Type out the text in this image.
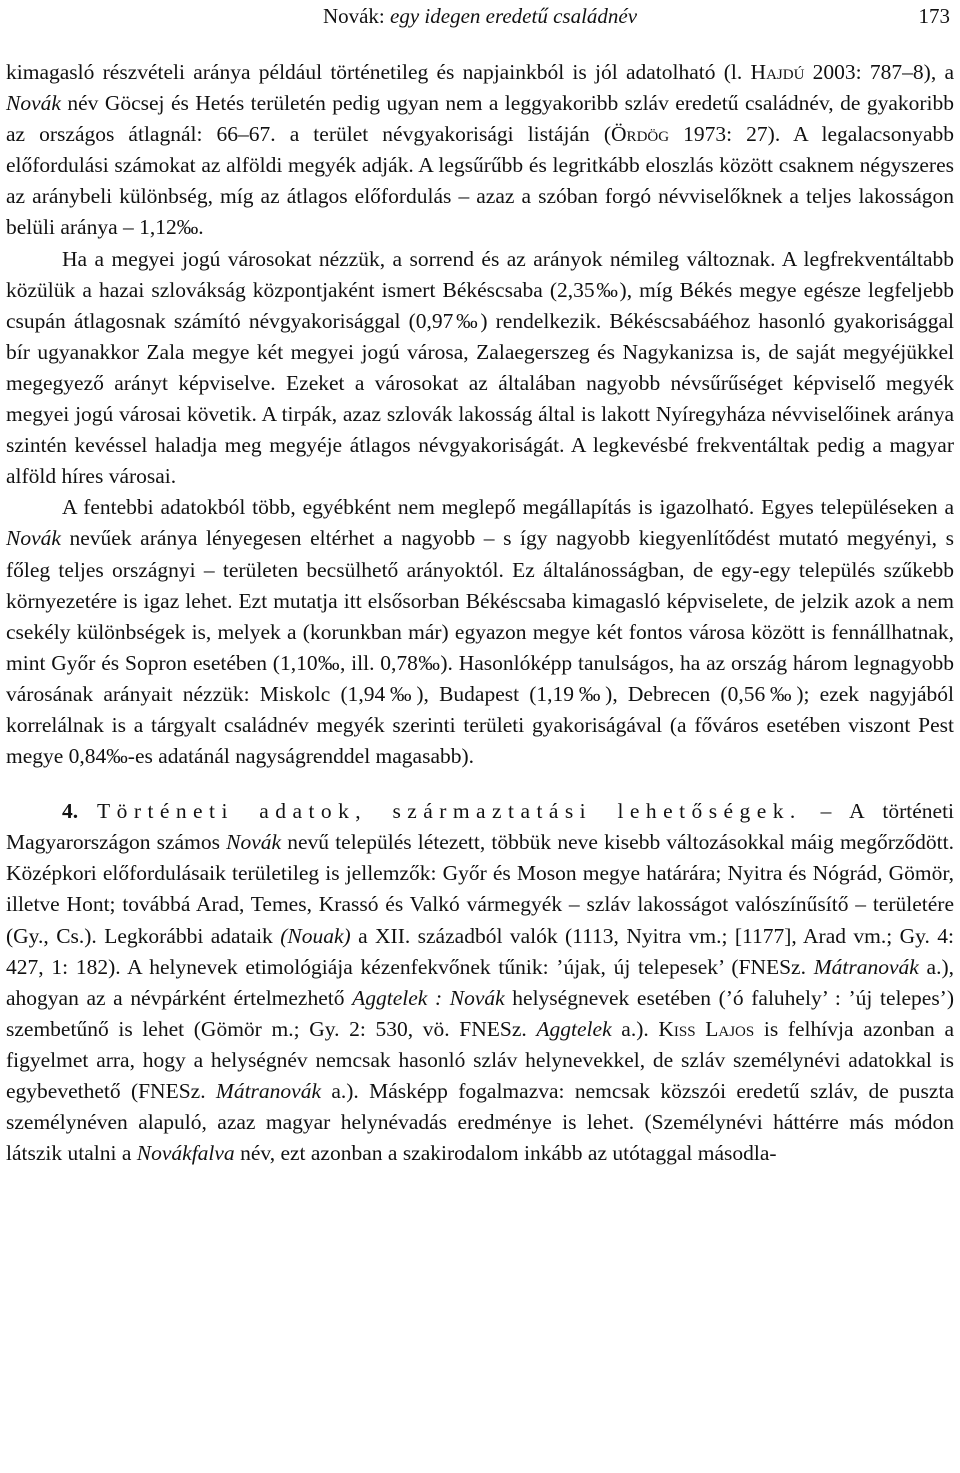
Novák: egy idegen eredetű családnév	173

kimagasló részvételi aránya például történetileg és napjainkból is jól adatolható (l. Hajdú 2003: 787–8), a Novák név Göcsej és Hetés területén pedig ugyan nem a leggyakoribb szláv eredetű családnév, de gyakoribb az országos átlagnál: 66–67. a terület névgyakorisági listáján (Ördög 1973: 27). A legalacsonyabb előfordulási számokat az alföldi megyék adják. A legsűrűbb és legritkább eloszlás között csaknem négyszeres az aránybeli különbség, míg az átlagos előfordulás – azaz a szóban forgó névviselőknek a teljes lakosságon belüli aránya – 1,12‰.

Ha a megyei jogú városokat nézzük, a sorrend és az arányok némileg változnak. A legfrekventáltabb közülük a hazai szlovákság központjaként ismert Békéscsaba (2,35‰), míg Békés megye egésze legfeljebb csupán átlagosnak számító névgyakorisággal (0,97‰) rendelkezik. Békéscsabáéhoz hasonló gyakorisággal bír ugyanakkor Zala megye két megyei jogú városa, Zalaegerszeg és Nagykanizsa is, de saját megyéjükkel megegyező arányt képviselve. Ezeket a városokat az általában nagyobb névsűrűséget képviselő megyék megyei jogú városai követik. A tirpák, azaz szlovák lakosság által is lakott Nyíregyháza névviselőinek aránya szintén kevéssel haladja meg megyéje átlagos névgyakoriságát. A legkevésbé frekventáltak pedig a magyar alföld híres városai.

A fentebbi adatokból több, egyébként nem meglepő megállapítás is igazolható. Egyes településeken a Novák nevűek aránya lényegesen eltérhet a nagyobb – s így nagyobb kiegyenlítődést mutató megyényi, s főleg teljes országnyi – területen becsülhető arányoktól. Ez általánosságban, de egy-egy település szűkebb környezetére is igaz lehet. Ezt mutatja itt elsősorban Békéscsaba kimagasló képviselete, de jelzik azok a nem csekély különbségek is, melyek a (korunkban már) egyazon megye két fontos városa között is fennállhatnak, mint Győr és Sopron esetében (1,10‰, ill. 0,78‰). Hasonlóképp tanulságos, ha az ország három legnagyobb városának arányait nézzük: Miskolc (1,94‰), Budapest (1,19‰), Debrecen (0,56‰); ezek nagyjából korrelálnak is a tárgyalt családnév megyék szerinti területi gyakoriságával (a főváros esetében viszont Pest megye 0,84‰-es adatánál nagyságrenddel magasabb).

4. Történeti adatok, származtatási lehetőségek. – A történeti Magyarországon számos Novák nevű település létezett, többük neve kisebb változásokkal máig megőrződött. Középkori előfordulásaik területileg is jellemzők: Győr és Moson megye határára; Nyitra és Nógrád, Gömör, illetve Hont; továbbá Arad, Temes, Krassó és Valkó vármegyék – szláv lakosságot valószínűsítő – területére (Gy., Cs.). Legkorábbi adataik (Nouak) a XII. századból valók (1113, Nyitra vm.; [1177], Arad vm.; Gy. 4: 427, 1: 182). A helynevek etimológiája kézenfekvőnek tűnik: ’újak, új telepesek’ (FNESz. Mátranovák a.), ahogyan az a névpárként értelmezhető Aggtelek : Novák helységnevek esetében (’ó faluhely’ : ’új telepes’) szembetűnő is lehet (Gömör m.; Gy. 2: 530, vö. FNESz. Aggtelek a.). Kiss Lajos is felhívja azonban a figyelmet arra, hogy a helységnév nemcsak hasonló szláv helynevekkel, de szláv személynévi adatokkal is egybevethető (FNESz. Mátranovák a.). Másképp fogalmazva: nemcsak közszói eredetű szláv, de puszta személynéven alapuló, azaz magyar helynévadás eredménye is lehet. (Személynévi háttérre más módon látszik utalni a Novákfalva név, ezt azonban a szakirodalom inkább az utótaggal másodla-
